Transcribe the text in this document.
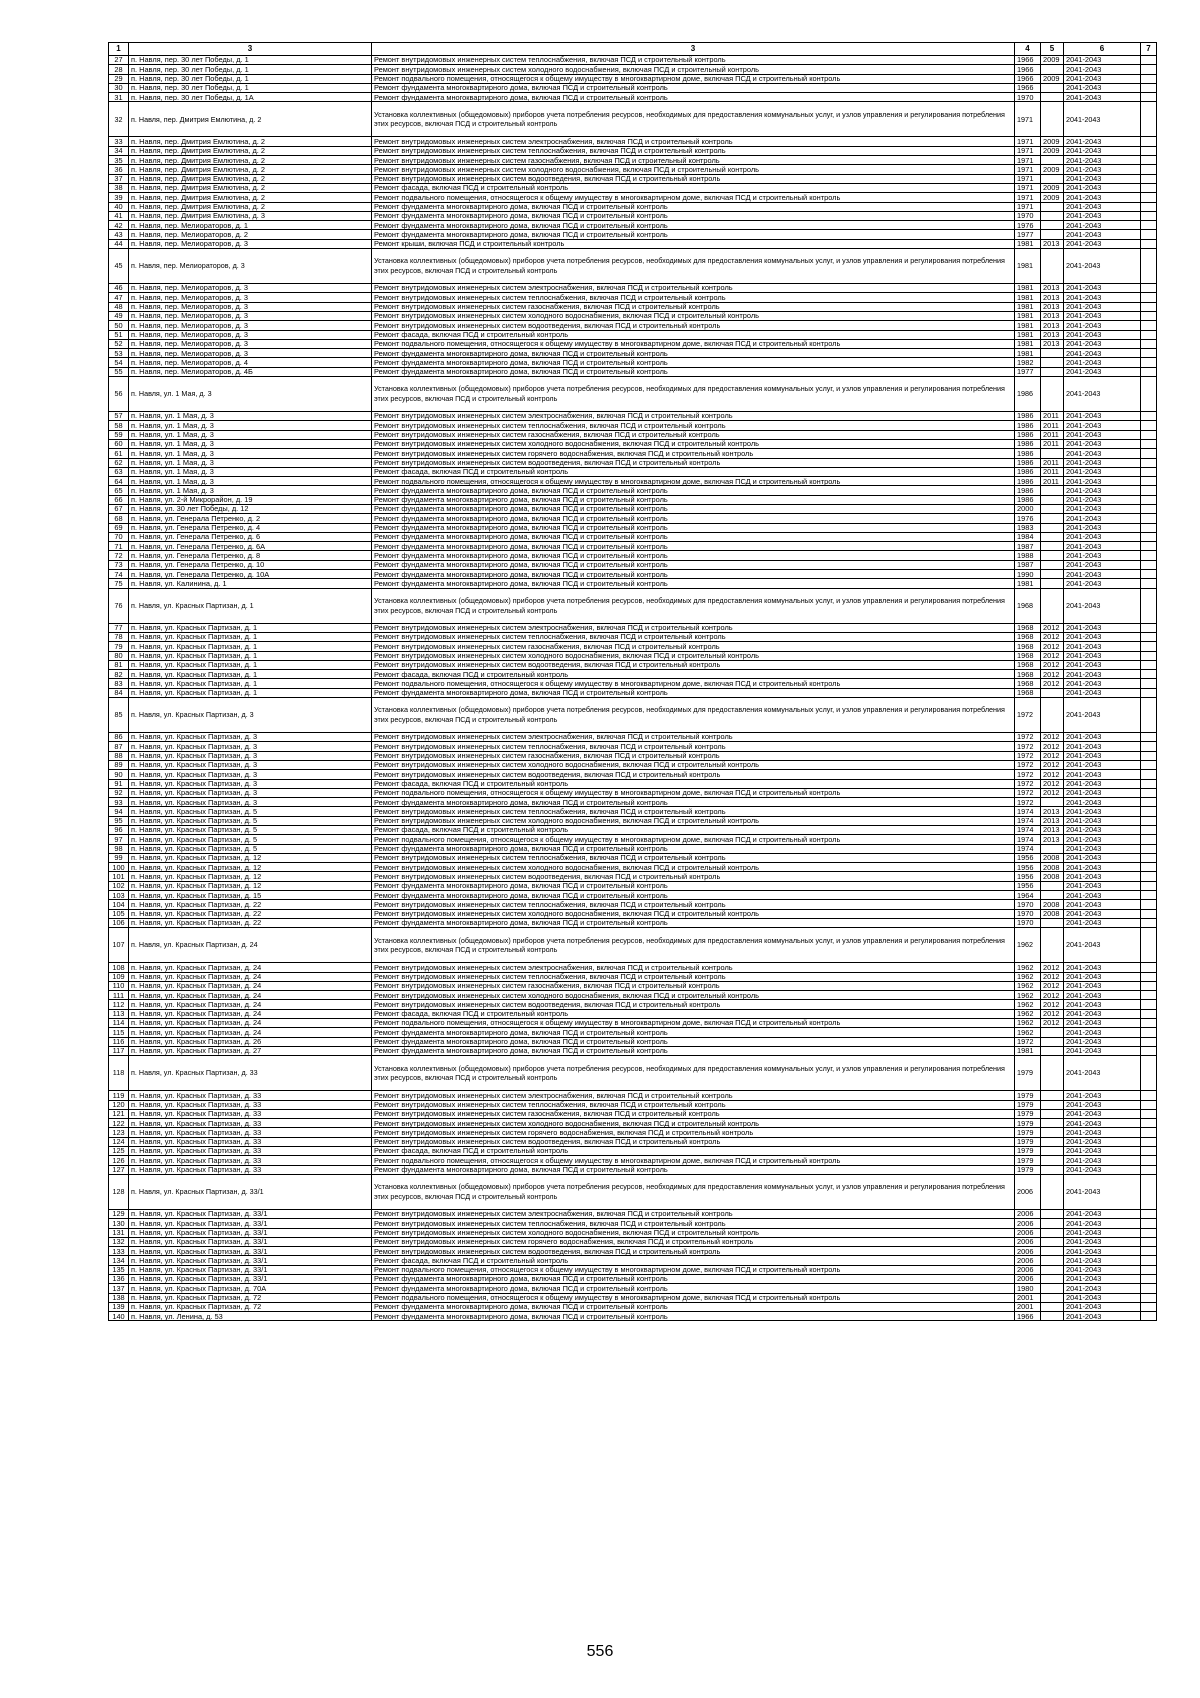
1	3	3	4	5	6	7
27	п. Навля, пер. 30 лет Победы, д. 1	Ремонт внутридомовых инженерных систем теплоснабжения, включая ПСД и строительный контроль	1966	2009	2041-2043	
28	п. Навля, пер. 30 лет Победы, д. 1	Ремонт внутридомовых инженерных систем холодного водоснабжения, включая ПСД и строительный контроль	1966		2041-2043	
29	п. Навля, пер. 30 лет Победы, д. 1	Ремонт подвального помещения, относящегося к общему имуществу в многоквартирном доме, включая ПСД и строительный контроль	1966	2009	2041-2043	
30	п. Навля, пер. 30 лет Победы, д. 1	Ремонт фундамента многоквартирного дома, включая ПСД и строительный контроль	1966		2041-2043	
31	п. Навля, пер. 30 лет Победы, д. 1А	Ремонт фундамента многоквартирного дома, включая ПСД и строительный контроль	1970		2041-2043	
32	п. Навля, пер. Дмитрия Емлютина, д. 2	Установка коллективных (общедомовых) приборов учета потребления ресурсов, необходимых для предоставления коммунальных услуг, и узлов управления и регулирования потребления этих ресурсов, включая ПСД и строительный контроль	1971		2041-2043	
33	п. Навля, пер. Дмитрия Емлютина, д. 2	Ремонт внутридомовых инженерных систем электроснабжения, включая ПСД и строительный контроль	1971	2009	2041-2043	
34	п. Навля, пер. Дмитрия Емлютина, д. 2	Ремонт внутридомовых инженерных систем теплоснабжения, включая ПСД и строительный контроль	1971	2009	2041-2043	
35	п. Навля, пер. Дмитрия Емлютина, д. 2	Ремонт внутридомовых инженерных систем газоснабжения, включая ПСД и строительный контроль	1971		2041-2043	
36	п. Навля, пер. Дмитрия Емлютина, д. 2	Ремонт внутридомовых инженерных систем холодного водоснабжения, включая ПСД и строительный контроль	1971	2009	2041-2043	
37	п. Навля, пер. Дмитрия Емлютина, д. 2	Ремонт внутридомовых инженерных систем водоотведения, включая ПСД и строительный контроль	1971		2041-2043	
38	п. Навля, пер. Дмитрия Емлютина, д. 2	Ремонт фасада, включая ПСД и строительный контроль	1971	2009	2041-2043	
39	п. Навля, пер. Дмитрия Емлютина, д. 2	Ремонт подвального помещения, относящегося к общему имуществу в многоквартирном доме, включая ПСД и строительный контроль	1971	2009	2041-2043	
40	п. Навля, пер. Дмитрия Емлютина, д. 2	Ремонт фундамента многоквартирного дома, включая ПСД и строительный контроль	1971		2041-2043	
41	п. Навля, пер. Дмитрия Емлютина, д. 3	Ремонт фундамента многоквартирного дома, включая ПСД и строительный контроль	1970		2041-2043	
42	п. Навля, пер. Мелиораторов, д. 1	Ремонт фундамента многоквартирного дома, включая ПСД и строительный контроль	1976		2041-2043	
43	п. Навля, пер. Мелиораторов, д. 2	Ремонт фундамента многоквартирного дома, включая ПСД и строительный контроль	1977		2041-2043	
44	п. Навля, пер. Мелиораторов, д. 3	Ремонт крыши, включая ПСД и строительный контроль	1981	2013	2041-2043	
45	п. Навля, пер. Мелиораторов, д. 3	Установка коллективных (общедомовых) приборов учета потребления ресурсов, необходимых для предоставления коммунальных услуг, и узлов управления и регулирования потребления этих ресурсов, включая ПСД и строительный контроль	1981		2041-2043	
46	п. Навля, пер. Мелиораторов, д. 3	Ремонт внутридомовых инженерных систем электроснабжения, включая ПСД и строительный контроль	1981	2013	2041-2043	
47	п. Навля, пер. Мелиораторов, д. 3	Ремонт внутридомовых инженерных систем теплоснабжения, включая ПСД и строительный контроль	1981	2013	2041-2043	
48	п. Навля, пер. Мелиораторов, д. 3	Ремонт внутридомовых инженерных систем газоснабжения, включая ПСД и строительный контроль	1981	2013	2041-2043	
49	п. Навля, пер. Мелиораторов, д. 3	Ремонт внутридомовых инженерных систем холодного водоснабжения, включая ПСД и строительный контроль	1981	2013	2041-2043	
50	п. Навля, пер. Мелиораторов, д. 3	Ремонт внутридомовых инженерных систем водоотведения, включая ПСД и строительный контроль	1981	2013	2041-2043	
51	п. Навля, пер. Мелиораторов, д. 3	Ремонт фасада, включая ПСД и строительный контроль	1981	2013	2041-2043	
52	п. Навля, пер. Мелиораторов, д. 3	Ремонт подвального помещения, относящегося к общему имуществу в многоквартирном доме, включая ПСД и строительный контроль	1981	2013	2041-2043	
53	п. Навля, пер. Мелиораторов, д. 3	Ремонт фундамента многоквартирного дома, включая ПСД и строительный контроль	1981		2041-2043	
54	п. Навля, пер. Мелиораторов, д. 4	Ремонт фундамента многоквартирного дома, включая ПСД и строительный контроль	1982		2041-2043	
55	п. Навля, пер. Мелиораторов, д. 4Б	Ремонт фундамента многоквартирного дома, включая ПСД и строительный контроль	1977		2041-2043	
56	п. Навля, ул. 1 Мая, д. 3	Установка коллективных (общедомовых) приборов учета потребления ресурсов, необходимых для предоставления коммунальных услуг, и узлов управления и регулирования потребления этих ресурсов, включая ПСД и строительный контроль	1986		2041-2043	
57	п. Навля, ул. 1 Мая, д. 3	Ремонт внутридомовых инженерных систем электроснабжения, включая ПСД и строительный контроль	1986	2011	2041-2043	
58	п. Навля, ул. 1 Мая, д. 3	Ремонт внутридомовых инженерных систем теплоснабжения, включая ПСД и строительный контроль	1986	2011	2041-2043	
59	п. Навля, ул. 1 Мая, д. 3	Ремонт внутридомовых инженерных систем газоснабжения, включая ПСД и строительный контроль	1986	2011	2041-2043	
60	п. Навля, ул. 1 Мая, д. 3	Ремонт внутридомовых инженерных систем холодного водоснабжения, включая ПСД и строительный контроль	1986	2011	2041-2043	
61	п. Навля, ул. 1 Мая, д. 3	Ремонт внутридомовых инженерных систем горячего водоснабжения, включая ПСД и строительный контроль	1986		2041-2043	
62	п. Навля, ул. 1 Мая, д. 3	Ремонт внутридомовых инженерных систем водоотведения, включая ПСД и строительный контроль	1986	2011	2041-2043	
63	п. Навля, ул. 1 Мая, д. 3	Ремонт фасада, включая ПСД и строительный контроль	1986	2011	2041-2043	
64	п. Навля, ул. 1 Мая, д. 3	Ремонт подвального помещения, относящегося к общему имуществу в многоквартирном доме, включая ПСД и строительный контроль	1986	2011	2041-2043	
65	п. Навля, ул. 1 Мая, д. 3	Ремонт фундамента многоквартирного дома, включая ПСД и строительный контроль	1986		2041-2043	
66	п. Навля, ул. 2-й Микрорайон, д. 19	Ремонт фундамента многоквартирного дома, включая ПСД и строительный контроль	1986		2041-2043	
67	п. Навля, ул. 30 лет Победы, д. 12	Ремонт фундамента многоквартирного дома, включая ПСД и строительный контроль	2000		2041-2043	
68	п. Навля, ул. Генерала Петренко, д. 2	Ремонт фундамента многоквартирного дома, включая ПСД и строительный контроль	1976		2041-2043	
69	п. Навля, ул. Генерала Петренко, д. 4	Ремонт фундамента многоквартирного дома, включая ПСД и строительный контроль	1983		2041-2043	
70	п. Навля, ул. Генерала Петренко, д. 6	Ремонт фундамента многоквартирного дома, включая ПСД и строительный контроль	1984		2041-2043	
71	п. Навля, ул. Генерала Петренко, д. 6А	Ремонт фундамента многоквартирного дома, включая ПСД и строительный контроль	1987		2041-2043	
72	п. Навля, ул. Генерала Петренко, д. 8	Ремонт фундамента многоквартирного дома, включая ПСД и строительный контроль	1988		2041-2043	
73	п. Навля, ул. Генерала Петренко, д. 10	Ремонт фундамента многоквартирного дома, включая ПСД и строительный контроль	1987		2041-2043	
74	п. Навля, ул. Генерала Петренко, д. 10А	Ремонт фундамента многоквартирного дома, включая ПСД и строительный контроль	1990		2041-2043	
75	п. Навля, ул. Калинина, д. 1	Ремонт фундамента многоквартирного дома, включая ПСД и строительный контроль	1981		2041-2043	
76	п. Навля, ул. Красных Партизан, д. 1	Установка коллективных (общедомовых) приборов учета потребления ресурсов, необходимых для предоставления коммунальных услуг, и узлов управления и регулирования потребления этих ресурсов, включая ПСД и строительный контроль	1968		2041-2043	
77	п. Навля, ул. Красных Партизан, д. 1	Ремонт внутридомовых инженерных систем электроснабжения, включая ПСД и строительный контроль	1968	2012	2041-2043	
78	п. Навля, ул. Красных Партизан, д. 1	Ремонт внутридомовых инженерных систем теплоснабжения, включая ПСД и строительный контроль	1968	2012	2041-2043	
79	п. Навля, ул. Красных Партизан, д. 1	Ремонт внутридомовых инженерных систем газоснабжения, включая ПСД и строительный контроль	1968	2012	2041-2043	
80	п. Навля, ул. Красных Партизан, д. 1	Ремонт внутридомовых инженерных систем холодного водоснабжения, включая ПСД и строительный контроль	1968	2012	2041-2043	
81	п. Навля, ул. Красных Партизан, д. 1	Ремонт внутридомовых инженерных систем водоотведения, включая ПСД и строительный контроль	1968	2012	2041-2043	
82	п. Навля, ул. Красных Партизан, д. 1	Ремонт фасада, включая ПСД и строительный контроль	1968	2012	2041-2043	
83	п. Навля, ул. Красных Партизан, д. 1	Ремонт подвального помещения, относящегося к общему имуществу в многоквартирном доме, включая ПСД и строительный контроль	1968	2012	2041-2043	
84	п. Навля, ул. Красных Партизан, д. 1	Ремонт фундамента многоквартирного дома, включая ПСД и строительный контроль	1968		2041-2043	
85	п. Навля, ул. Красных Партизан, д. 3	Установка коллективных (общедомовых) приборов учета потребления ресурсов, необходимых для предоставления коммунальных услуг, и узлов управления и регулирования потребления этих ресурсов, включая ПСД и строительный контроль	1972		2041-2043	
86	п. Навля, ул. Красных Партизан, д. 3	Ремонт внутридомовых инженерных систем электроснабжения, включая ПСД и строительный контроль	1972	2012	2041-2043	
87	п. Навля, ул. Красных Партизан, д. 3	Ремонт внутридомовых инженерных систем теплоснабжения, включая ПСД и строительный контроль	1972	2012	2041-2043	
88	п. Навля, ул. Красных Партизан, д. 3	Ремонт внутридомовых инженерных систем газоснабжения, включая ПСД и строительный контроль	1972	2012	2041-2043	
89	п. Навля, ул. Красных Партизан, д. 3	Ремонт внутридомовых инженерных систем холодного водоснабжения, включая ПСД и строительный контроль	1972	2012	2041-2043	
90	п. Навля, ул. Красных Партизан, д. 3	Ремонт внутридомовых инженерных систем водоотведения, включая ПСД и строительный контроль	1972	2012	2041-2043	
91	п. Навля, ул. Красных Партизан, д. 3	Ремонт фасада, включая ПСД и строительный контроль	1972	2012	2041-2043	
92	п. Навля, ул. Красных Партизан, д. 3	Ремонт подвального помещения, относящегося к общему имуществу в многоквартирном доме, включая ПСД и строительный контроль	1972	2012	2041-2043	
93	п. Навля, ул. Красных Партизан, д. 3	Ремонт фундамента многоквартирного дома, включая ПСД и строительный контроль	1972		2041-2043	
94	п. Навля, ул. Красных Партизан, д. 5	Ремонт внутридомовых инженерных систем теплоснабжения, включая ПСД и строительный контроль	1974	2013	2041-2043	
95	п. Навля, ул. Красных Партизан, д. 5	Ремонт внутридомовых инженерных систем холодного водоснабжения, включая ПСД и строительный контроль	1974	2013	2041-2043	
96	п. Навля, ул. Красных Партизан, д. 5	Ремонт фасада, включая ПСД и строительный контроль	1974	2013	2041-2043	
97	п. Навля, ул. Красных Партизан, д. 5	Ремонт подвального помещения, относящегося к общему имуществу в многоквартирном доме, включая ПСД и строительный контроль	1974	2013	2041-2043	
98	п. Навля, ул. Красных Партизан, д. 5	Ремонт фундамента многоквартирного дома, включая ПСД и строительный контроль	1974		2041-2043	
99	п. Навля, ул. Красных Партизан, д. 12	Ремонт внутридомовых инженерных систем теплоснабжения, включая ПСД и строительный контроль	1956	2008	2041-2043	
100	п. Навля, ул. Красных Партизан, д. 12	Ремонт внутридомовых инженерных систем холодного водоснабжения, включая ПСД и строительный контроль	1956	2008	2041-2043	
101	п. Навля, ул. Красных Партизан, д. 12	Ремонт внутридомовых инженерных систем водоотведения, включая ПСД и строительный контроль	1956	2008	2041-2043	
102	п. Навля, ул. Красных Партизан, д. 12	Ремонт фундамента многоквартирного дома, включая ПСД и строительный контроль	1956		2041-2043	
103	п. Навля, ул. Красных Партизан, д. 15	Ремонт фундамента многоквартирного дома, включая ПСД и строительный контроль	1964		2041-2043	
104	п. Навля, ул. Красных Партизан, д. 22	Ремонт внутридомовых инженерных систем теплоснабжения, включая ПСД и строительный контроль	1970	2008	2041-2043	
105	п. Навля, ул. Красных Партизан, д. 22	Ремонт внутридомовых инженерных систем холодного водоснабжения, включая ПСД и строительный контроль	1970	2008	2041-2043	
106	п. Навля, ул. Красных Партизан, д. 22	Ремонт фундамента многоквартирного дома, включая ПСД и строительный контроль	1970		2041-2043	
107	п. Навля, ул. Красных Партизан, д. 24	Установка коллективных (общедомовых) приборов учета потребления ресурсов, необходимых для предоставления коммунальных услуг, и узлов управления и регулирования потребления этих ресурсов, включая ПСД и строительный контроль	1962		2041-2043	
108	п. Навля, ул. Красных Партизан, д. 24	Ремонт внутридомовых инженерных систем электроснабжения, включая ПСД и строительный контроль	1962	2012	2041-2043	
109	п. Навля, ул. Красных Партизан, д. 24	Ремонт внутридомовых инженерных систем теплоснабжения, включая ПСД и строительный контроль	1962	2012	2041-2043	
110	п. Навля, ул. Красных Партизан, д. 24	Ремонт внутридомовых инженерных систем газоснабжения, включая ПСД и строительный контроль	1962	2012	2041-2043	
111	п. Навля, ул. Красных Партизан, д. 24	Ремонт внутридомовых инженерных систем холодного водоснабжения, включая ПСД и строительный контроль	1962	2012	2041-2043	
112	п. Навля, ул. Красных Партизан, д. 24	Ремонт внутридомовых инженерных систем водоотведения, включая ПСД и строительный контроль	1962	2012	2041-2043	
113	п. Навля, ул. Красных Партизан, д. 24	Ремонт фасада, включая ПСД и строительный контроль	1962	2012	2041-2043	
114	п. Навля, ул. Красных Партизан, д. 24	Ремонт подвального помещения, относящегося к общему имуществу в многоквартирном доме, включая ПСД и строительный контроль	1962	2012	2041-2043	
115	п. Навля, ул. Красных Партизан, д. 24	Ремонт фундамента многоквартирного дома, включая ПСД и строительный контроль	1962		2041-2043	
116	п. Навля, ул. Красных Партизан, д. 26	Ремонт фундамента многоквартирного дома, включая ПСД и строительный контроль	1972		2041-2043	
117	п. Навля, ул. Красных Партизан, д. 27	Ремонт фундамента многоквартирного дома, включая ПСД и строительный контроль	1981		2041-2043	
118	п. Навля, ул. Красных Партизан, д. 33	Установка коллективных (общедомовых) приборов учета потребления ресурсов, необходимых для предоставления коммунальных услуг, и узлов управления и регулирования потребления этих ресурсов, включая ПСД и строительный контроль	1979		2041-2043	
119	п. Навля, ул. Красных Партизан, д. 33	Ремонт внутридомовых инженерных систем электроснабжения, включая ПСД и строительный контроль	1979		2041-2043	
120	п. Навля, ул. Красных Партизан, д. 33	Ремонт внутридомовых инженерных систем теплоснабжения, включая ПСД и строительный контроль	1979		2041-2043	
121	п. Навля, ул. Красных Партизан, д. 33	Ремонт внутридомовых инженерных систем газоснабжения, включая ПСД и строительный контроль	1979		2041-2043	
122	п. Навля, ул. Красных Партизан, д. 33	Ремонт внутридомовых инженерных систем холодного водоснабжения, включая ПСД и строительный контроль	1979		2041-2043	
123	п. Навля, ул. Красных Партизан, д. 33	Ремонт внутридомовых инженерных систем горячего водоснабжения, включая ПСД и строительный контроль	1979		2041-2043	
124	п. Навля, ул. Красных Партизан, д. 33	Ремонт внутридомовых инженерных систем водоотведения, включая ПСД и строительный контроль	1979		2041-2043	
125	п. Навля, ул. Красных Партизан, д. 33	Ремонт фасада, включая ПСД и строительный контроль	1979		2041-2043	
126	п. Навля, ул. Красных Партизан, д. 33	Ремонт подвального помещения, относящегося к общему имуществу в многоквартирном доме, включая ПСД и строительный контроль	1979		2041-2043	
127	п. Навля, ул. Красных Партизан, д. 33	Ремонт фундамента многоквартирного дома, включая ПСД и строительный контроль	1979		2041-2043	
128	п. Навля, ул. Красных Партизан, д. 33/1	Установка коллективных (общедомовых) приборов учета потребления ресурсов, необходимых для предоставления коммунальных услуг, и узлов управления и регулирования потребления этих ресурсов, включая ПСД и строительный контроль	2006		2041-2043	
129	п. Навля, ул. Красных Партизан, д. 33/1	Ремонт внутридомовых инженерных систем электроснабжения, включая ПСД и строительный контроль	2006		2041-2043	
130	п. Навля, ул. Красных Партизан, д. 33/1	Ремонт внутридомовых инженерных систем теплоснабжения, включая ПСД и строительный контроль	2006		2041-2043	
131	п. Навля, ул. Красных Партизан, д. 33/1	Ремонт внутридомовых инженерных систем холодного водоснабжения, включая ПСД и строительный контроль	2006		2041-2043	
132	п. Навля, ул. Красных Партизан, д. 33/1	Ремонт внутридомовых инженерных систем горячего водоснабжения, включая ПСД и строительный контроль	2006		2041-2043	
133	п. Навля, ул. Красных Партизан, д. 33/1	Ремонт внутридомовых инженерных систем водоотведения, включая ПСД и строительный контроль	2006		2041-2043	
134	п. Навля, ул. Красных Партизан, д. 33/1	Ремонт фасада, включая ПСД и строительный контроль	2006		2041-2043	
135	п. Навля, ул. Красных Партизан, д. 33/1	Ремонт подвального помещения, относящегося к общему имуществу в многоквартирном доме, включая ПСД и строительный контроль	2006		2041-2043	
136	п. Навля, ул. Красных Партизан, д. 33/1	Ремонт фундамента многоквартирного дома, включая ПСД и строительный контроль	2006		2041-2043	
137	п. Навля, ул. Красных Партизан, д. 70А	Ремонт фундамента многоквартирного дома, включая ПСД и строительный контроль	1980		2041-2043	
138	п. Навля, ул. Красных Партизан, д. 72	Ремонт подвального помещения, относящегося к общему имуществу в многоквартирном доме, включая ПСД и строительный контроль	2001		2041-2043	
139	п. Навля, ул. Красных Партизан, д. 72	Ремонт фундамента многоквартирного дома, включая ПСД и строительный контроль	2001		2041-2043	
140	п. Навля, ул. Ленина, д. 53	Ремонт фундамента многоквартирного дома, включая ПСД и строительный контроль	1966		2041-2043	
556
